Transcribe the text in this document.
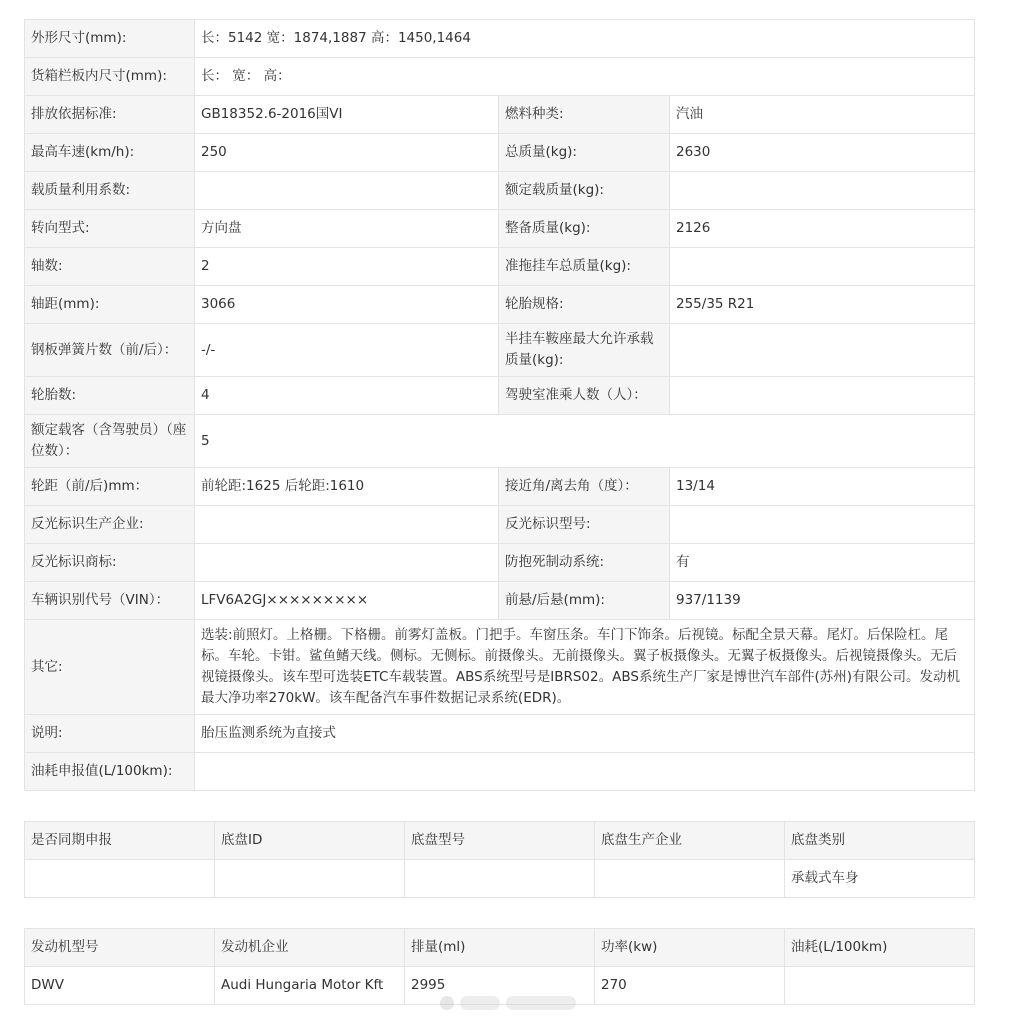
外形尺寸(mm):	长：5142 宽：1874,1887 高：1450,1464		
货箱栏板内尺寸(mm):	长： 宽： 高：		
排放依据标准:	GB18352.6-2016国VI	燃料种类:	汽油
最高车速(km/h):	250	总质量(kg):	2630
载质量利用系数:		额定载质量(kg):	
转向型式:	方向盘	整备质量(kg):	2126
轴数:	2	准拖挂车总质量(kg):	
轴距(mm):	3066	轮胎规格:	255/35 R21
钢板弹簧片数（前/后）：	-/-	半挂车鞍座最大允许承载质量(kg):	
轮胎数:	4	驾驶室准乘人数（人）：	
额定载客（含驾驶员）（座位数）：	5		
轮距（前/后)mm：	前轮距:1625 后轮距:1610	接近角/离去角（度）：	13/14
反光标识生产企业:		反光标识型号:	
反光标识商标:		防抱死制动系统:	有
车辆识别代号（VIN）：	LFV6A2GJ×××××××××	前悬/后悬(mm):	937/1139
其它:	选装:前照灯。上格栅。下格栅。前雾灯盖板。门把手。车窗压条。车门下饰条。后视镜。标配全景天幕。尾灯。后保险杠。尾标。车轮。卡钳。鲨鱼鳍天线。侧标。无侧标。前摄像头。无前摄像头。翼子板摄像头。无翼子板摄像头。后视镜摄像头。无后视镜摄像头。该车型可选装ETC车载装置。ABS系统型号是IBRS02。ABS系统生产厂家是博世汽车部件(苏州)有限公司。发动机最大净功率270kW。该车配备汽车事件数据记录系统(EDR)。		
说明:	胎压监测系统为直接式		
油耗申报值(L/100km):			
是否同期申报	底盘ID	底盘型号	底盘生产企业	底盘类别
				承载式车身
发动机型号	发动机企业	排量(ml)	功率(kw)	油耗(L/100km)
DWV	Audi Hungaria Motor Kft	2995	270	
